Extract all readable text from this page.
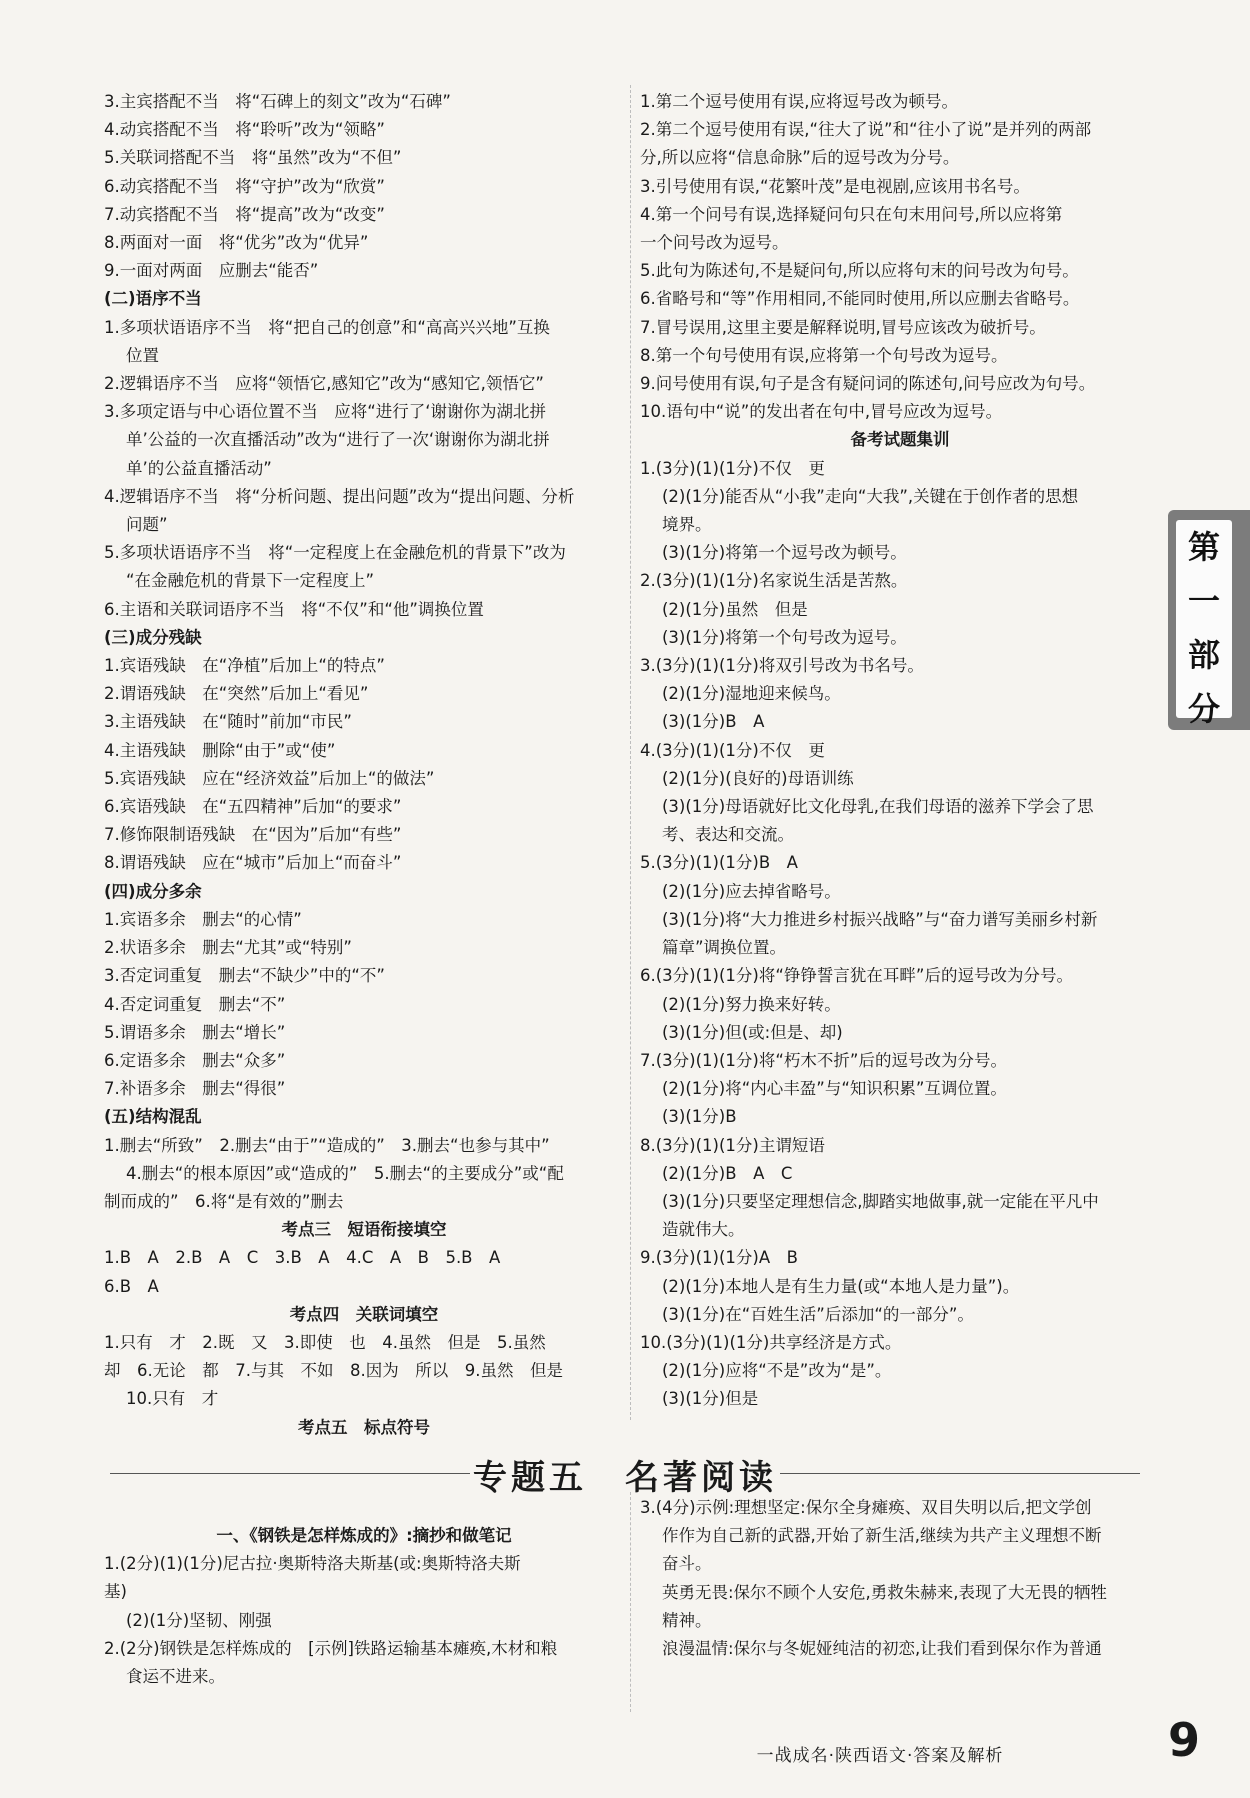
3.主宾搭配不当　将“石碑上的刻文”改为“石碑”

4.动宾搭配不当　将“聆听”改为“领略”

5.关联词搭配不当　将“虽然”改为“不但”

6.动宾搭配不当　将“守护”改为“欣赏”

7.动宾搭配不当　将“提高”改为“改变”

8.两面对一面　将“优劣”改为“优异”

9.一面对两面　应删去“能否”

(二)语序不当

1.多项状语语序不当　将“把自己的创意”和“高高兴兴地”互换

位置

2.逻辑语序不当　应将“领悟它,感知它”改为“感知它,领悟它”

3.多项定语与中心语位置不当　应将“进行了‘谢谢你为湖北拼

单’公益的一次直播活动”改为“进行了一次‘谢谢你为湖北拼

单’的公益直播活动”

4.逻辑语序不当　将“分析问题、提出问题”改为“提出问题、分析

问题”

5.多项状语语序不当　将“一定程度上在金融危机的背景下”改为

“在金融危机的背景下一定程度上”

6.主语和关联词语序不当　将“不仅”和“他”调换位置

(三)成分残缺

1.宾语残缺　在“净植”后加上“的特点”

2.谓语残缺　在“突然”后加上“看见”

3.主语残缺　在“随时”前加“市民”

4.主语残缺　删除“由于”或“使”

5.宾语残缺　应在“经济效益”后加上“的做法”

6.宾语残缺　在“五四精神”后加“的要求”

7.修饰限制语残缺　在“因为”后加“有些”

8.谓语残缺　应在“城市”后加上“而奋斗”

(四)成分多余

1.宾语多余　删去“的心情”

2.状语多余　删去“尤其”或“特别”

3.否定词重复　删去“不缺少”中的“不”

4.否定词重复　删去“不”

5.谓语多余　删去“增长”

6.定语多余　删去“众多”

7.补语多余　删去“得很”

(五)结构混乱

1.删去“所致”　2.删去“由于”“造成的”　3.删去“也参与其中”

4.删去“的根本原因”或“造成的”　5.删去“的主要成分”或“配

制而成的”　6.将“是有效的”删去

考点三　短语衔接填空

1.B　A　2.B　A　C　3.B　A　4.C　A　B　5.B　A

6.B　A

考点四　关联词填空

1.只有　才　2.既　又　3.即使　也　4.虽然　但是　5.虽然

却　6.无论　都　7.与其　不如　8.因为　所以　9.虽然　但是

10.只有　才

考点五　标点符号

1.第二个逗号使用有误,应将逗号改为顿号。

2.第二个逗号使用有误,“往大了说”和“往小了说”是并列的两部

分,所以应将“信息命脉”后的逗号改为分号。

3.引号使用有误,“花繁叶茂”是电视剧,应该用书名号。

4.第一个问号有误,选择疑问句只在句末用问号,所以应将第

一个问号改为逗号。

5.此句为陈述句,不是疑问句,所以应将句末的问号改为句号。

6.省略号和“等”作用相同,不能同时使用,所以应删去省略号。

7.冒号误用,这里主要是解释说明,冒号应该改为破折号。

8.第一个句号使用有误,应将第一个句号改为逗号。

9.问号使用有误,句子是含有疑问词的陈述句,问号应改为句号。

10.语句中“说”的发出者在句中,冒号应改为逗号。

备考试题集训

1.(3分)(1)(1分)不仅　更

(2)(1分)能否从“小我”走向“大我”,关键在于创作者的思想

境界。

(3)(1分)将第一个逗号改为顿号。

2.(3分)(1)(1分)名家说生活是苦熬。

(2)(1分)虽然　但是

(3)(1分)将第一个句号改为逗号。

3.(3分)(1)(1分)将双引号改为书名号。

(2)(1分)湿地迎来候鸟。

(3)(1分)B　A

4.(3分)(1)(1分)不仅　更

(2)(1分)(良好的)母语训练

(3)(1分)母语就好比文化母乳,在我们母语的滋养下学会了思

考、表达和交流。

5.(3分)(1)(1分)B　A

(2)(1分)应去掉省略号。

(3)(1分)将“大力推进乡村振兴战略”与“奋力谱写美丽乡村新

篇章”调换位置。

6.(3分)(1)(1分)将“铮铮誓言犹在耳畔”后的逗号改为分号。

(2)(1分)努力换来好转。

(3)(1分)但(或:但是、却)

7.(3分)(1)(1分)将“朽木不折”后的逗号改为分号。

(2)(1分)将“内心丰盈”与“知识积累”互调位置。

(3)(1分)B

8.(3分)(1)(1分)主谓短语

(2)(1分)B　A　C

(3)(1分)只要坚定理想信念,脚踏实地做事,就一定能在平凡中

造就伟大。

9.(3分)(1)(1分)A　B

(2)(1分)本地人是有生力量(或“本地人是力量”)。

(3)(1分)在“百姓生活”后添加“的一部分”。

10.(3分)(1)(1分)共享经济是方式。

(2)(1分)应将“不是”改为“是”。

(3)(1分)但是

专题五　名著阅读

一、《钢铁是怎样炼成的》:摘抄和做笔记

1.(2分)(1)(1分)尼古拉·奥斯特洛夫斯基(或:奥斯特洛夫斯

基)

(2)(1分)坚韧、刚强

2.(2分)钢铁是怎样炼成的　[示例]铁路运输基本瘫痪,木材和粮

食运不进来。

3.(4分)示例:理想坚定:保尔全身瘫痪、双目失明以后,把文学创

作作为自己新的武器,开始了新生活,继续为共产主义理想不断

奋斗。

英勇无畏:保尔不顾个人安危,勇救朱赫来,表现了大无畏的牺牲

精神。

浪漫温情:保尔与冬妮娅纯洁的初恋,让我们看到保尔作为普通

第
一
部
分
一战成名·陕西语文·答案及解析	9
